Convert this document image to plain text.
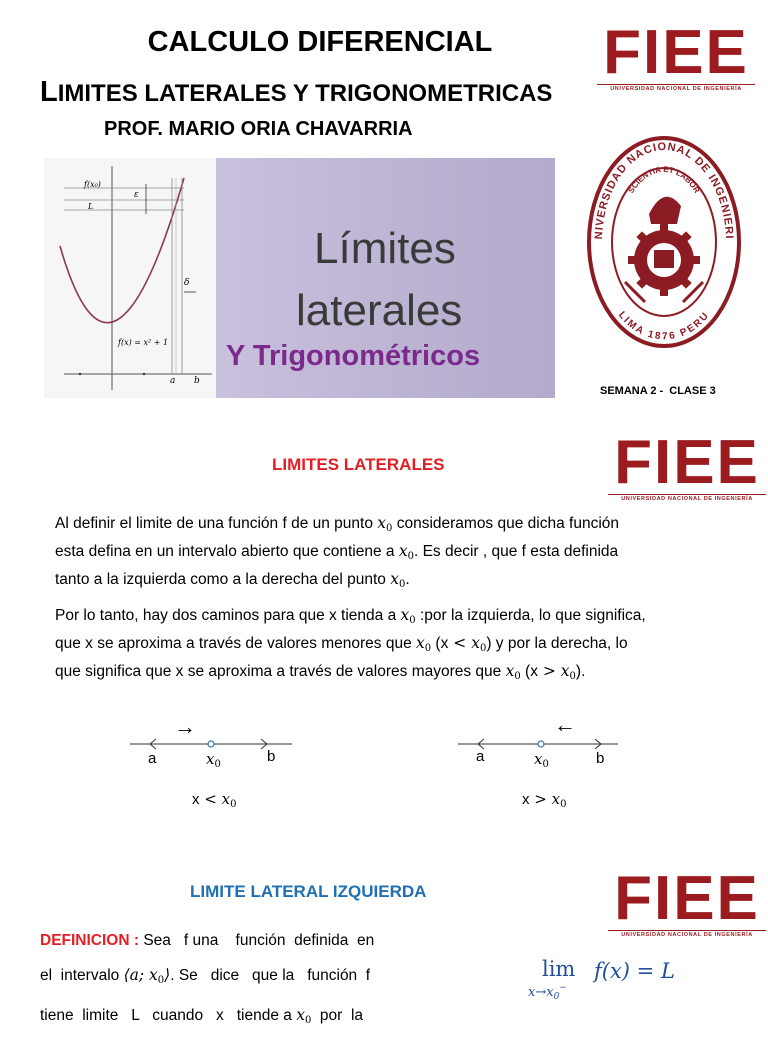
CALCULO DIFERENCIAL
LIMITES LATERALES Y TRIGONOMETRICAS
PROF. MARIO ORIA CHAVARRIA
FIEE
UNIVERSIDAD NACIONAL DE INGENIERÍA
f(x₀)
L
ε
δ
f(x) = x² + 1
a b
Límites
laterales
Y Trigonométricos
NIVERSIDAD NACIONAL DE INGENIERI
LIMA 1876 PERU
SCIENTIA ET LABOR
SEMANA 2 -  CLASE 3
LIMITES LATERALES	FIEE
UNIVERSIDAD NACIONAL DE INGENIERÍA
Al definir el limite de una función f de un punto $x_0$ consideramos que dicha función
esta defina en un intervalo abierto que contiene a $x_0$. Es decir , que f esta definida
tanto a la izquierda como a la derecha del punto $x_0$.
Por lo tanto, hay dos caminos para que x tienda a $x_0$ :por la izquierda, lo que significa,
que x se aproxima a través de valores menores que $x_0$ $(x < x_0)$ y por la derecha, lo
que significa que x se aproxima a través de valores mayores que $x_0$ $(x > x_0)$.
→
a	$x_0$	b
$x < x_0$
←
a	$x_0$	b
$x > x_0$
LIMITE LATERAL IZQUIERDA	FIEE
UNIVERSIDAD NACIONAL DE INGENIERÍA
DEFINICION : Sea   f una    función  definida  en
el  intervalo ⟨a; $x_0⟩$. Se   dice   que la   función  f
tiene  limite   L   cuando   x   tiende a $x_0$  por  la
lim
$x\to x_0^-$
f(x) = L
